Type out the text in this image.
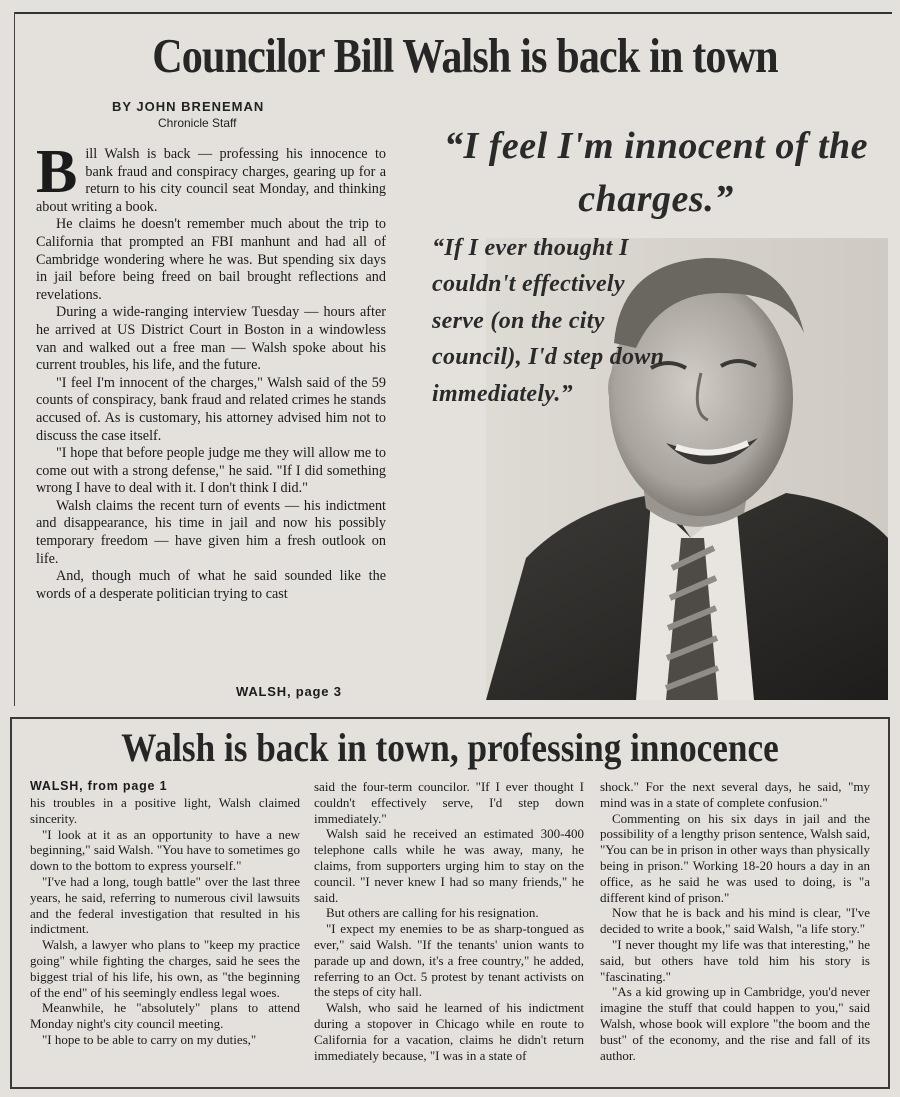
Councilor Bill Walsh is back in town
BY JOHN BRENEMAN
Chronicle Staff

Bill Walsh is back — professing his innocence to bank fraud and conspiracy charges, gearing up for a return to his city council seat Monday, and thinking about writing a book.

He claims he doesn't remember much about the trip to California that prompted an FBI manhunt and had all of Cambridge wondering where he was. But spending six days in jail before being freed on bail brought reflections and revelations.

During a wide-ranging interview Tuesday — hours after he arrived at US District Court in Boston in a windowless van and walked out a free man — Walsh spoke about his current troubles, his life, and the future.

"I feel I'm innocent of the charges," Walsh said of the 59 counts of conspiracy, bank fraud and related crimes he stands accused of. As is customary, his attorney advised him not to discuss the case itself.

"I hope that before people judge me they will allow me to come out with a strong defense," he said. "If I did something wrong I have to deal with it. I don't think I did."

Walsh claims the recent turn of events — his indictment and disappearance, his time in jail and now his possibly temporary freedom — have given him a fresh outlook on life.

And, though much of what he said sounded like the words of a desperate politician trying to cast

WALSH, page 3
“I feel I'm innocent of the charges.”
“If I ever thought I couldn't effectively serve (on the city council), I'd step down immediately.”
Walsh is back in town, professing innocence
WALSH, from page 1

his troubles in a positive light, Walsh claimed sincerity.

"I look at it as an opportunity to have a new beginning," said Walsh. "You have to sometimes go down to the bottom to express yourself."

"I've had a long, tough battle" over the last three years, he said, referring to numerous civil lawsuits and the federal investigation that resulted in his indictment.

Walsh, a lawyer who plans to "keep my practice going" while fighting the charges, said he sees the biggest trial of his life, his own, as "the beginning of the end" of his seemingly endless legal woes.

Meanwhile, he "absolutely" plans to attend Monday night's city council meeting.

"I hope to be able to carry on my duties,"

said the four-term councilor. "If I ever thought I couldn't effectively serve, I'd step down immediately."

Walsh said he received an estimated 300-400 telephone calls while he was away, many, he claims, from supporters urging him to stay on the council. "I never knew I had so many friends," he said.

But others are calling for his resignation.

"I expect my enemies to be as sharp-tongued as ever," said Walsh. "If the tenants' union wants to parade up and down, it's a free country," he added, referring to an Oct. 5 protest by tenant activists on the steps of city hall.

Walsh, who said he learned of his indictment during a stopover in Chicago while en route to California for a vacation, claims he didn't return immediately because, "I was in a state of

shock." For the next several days, he said, "my mind was in a state of complete confusion."

Commenting on his six days in jail and the possibility of a lengthy prison sentence, Walsh said, "You can be in prison in other ways than physically being in prison." Working 18-20 hours a day in an office, as he said he was used to doing, is "a different kind of prison."

Now that he is back and his mind is clear, "I've decided to write a book," said Walsh, "a life story."

"I never thought my life was that interesting," he said, but others have told him his story is "fascinating."

"As a kid growing up in Cambridge, you'd never imagine the stuff that could happen to you," said Walsh, whose book will explore "the boom and the bust" of the economy, and the rise and fall of its author.
